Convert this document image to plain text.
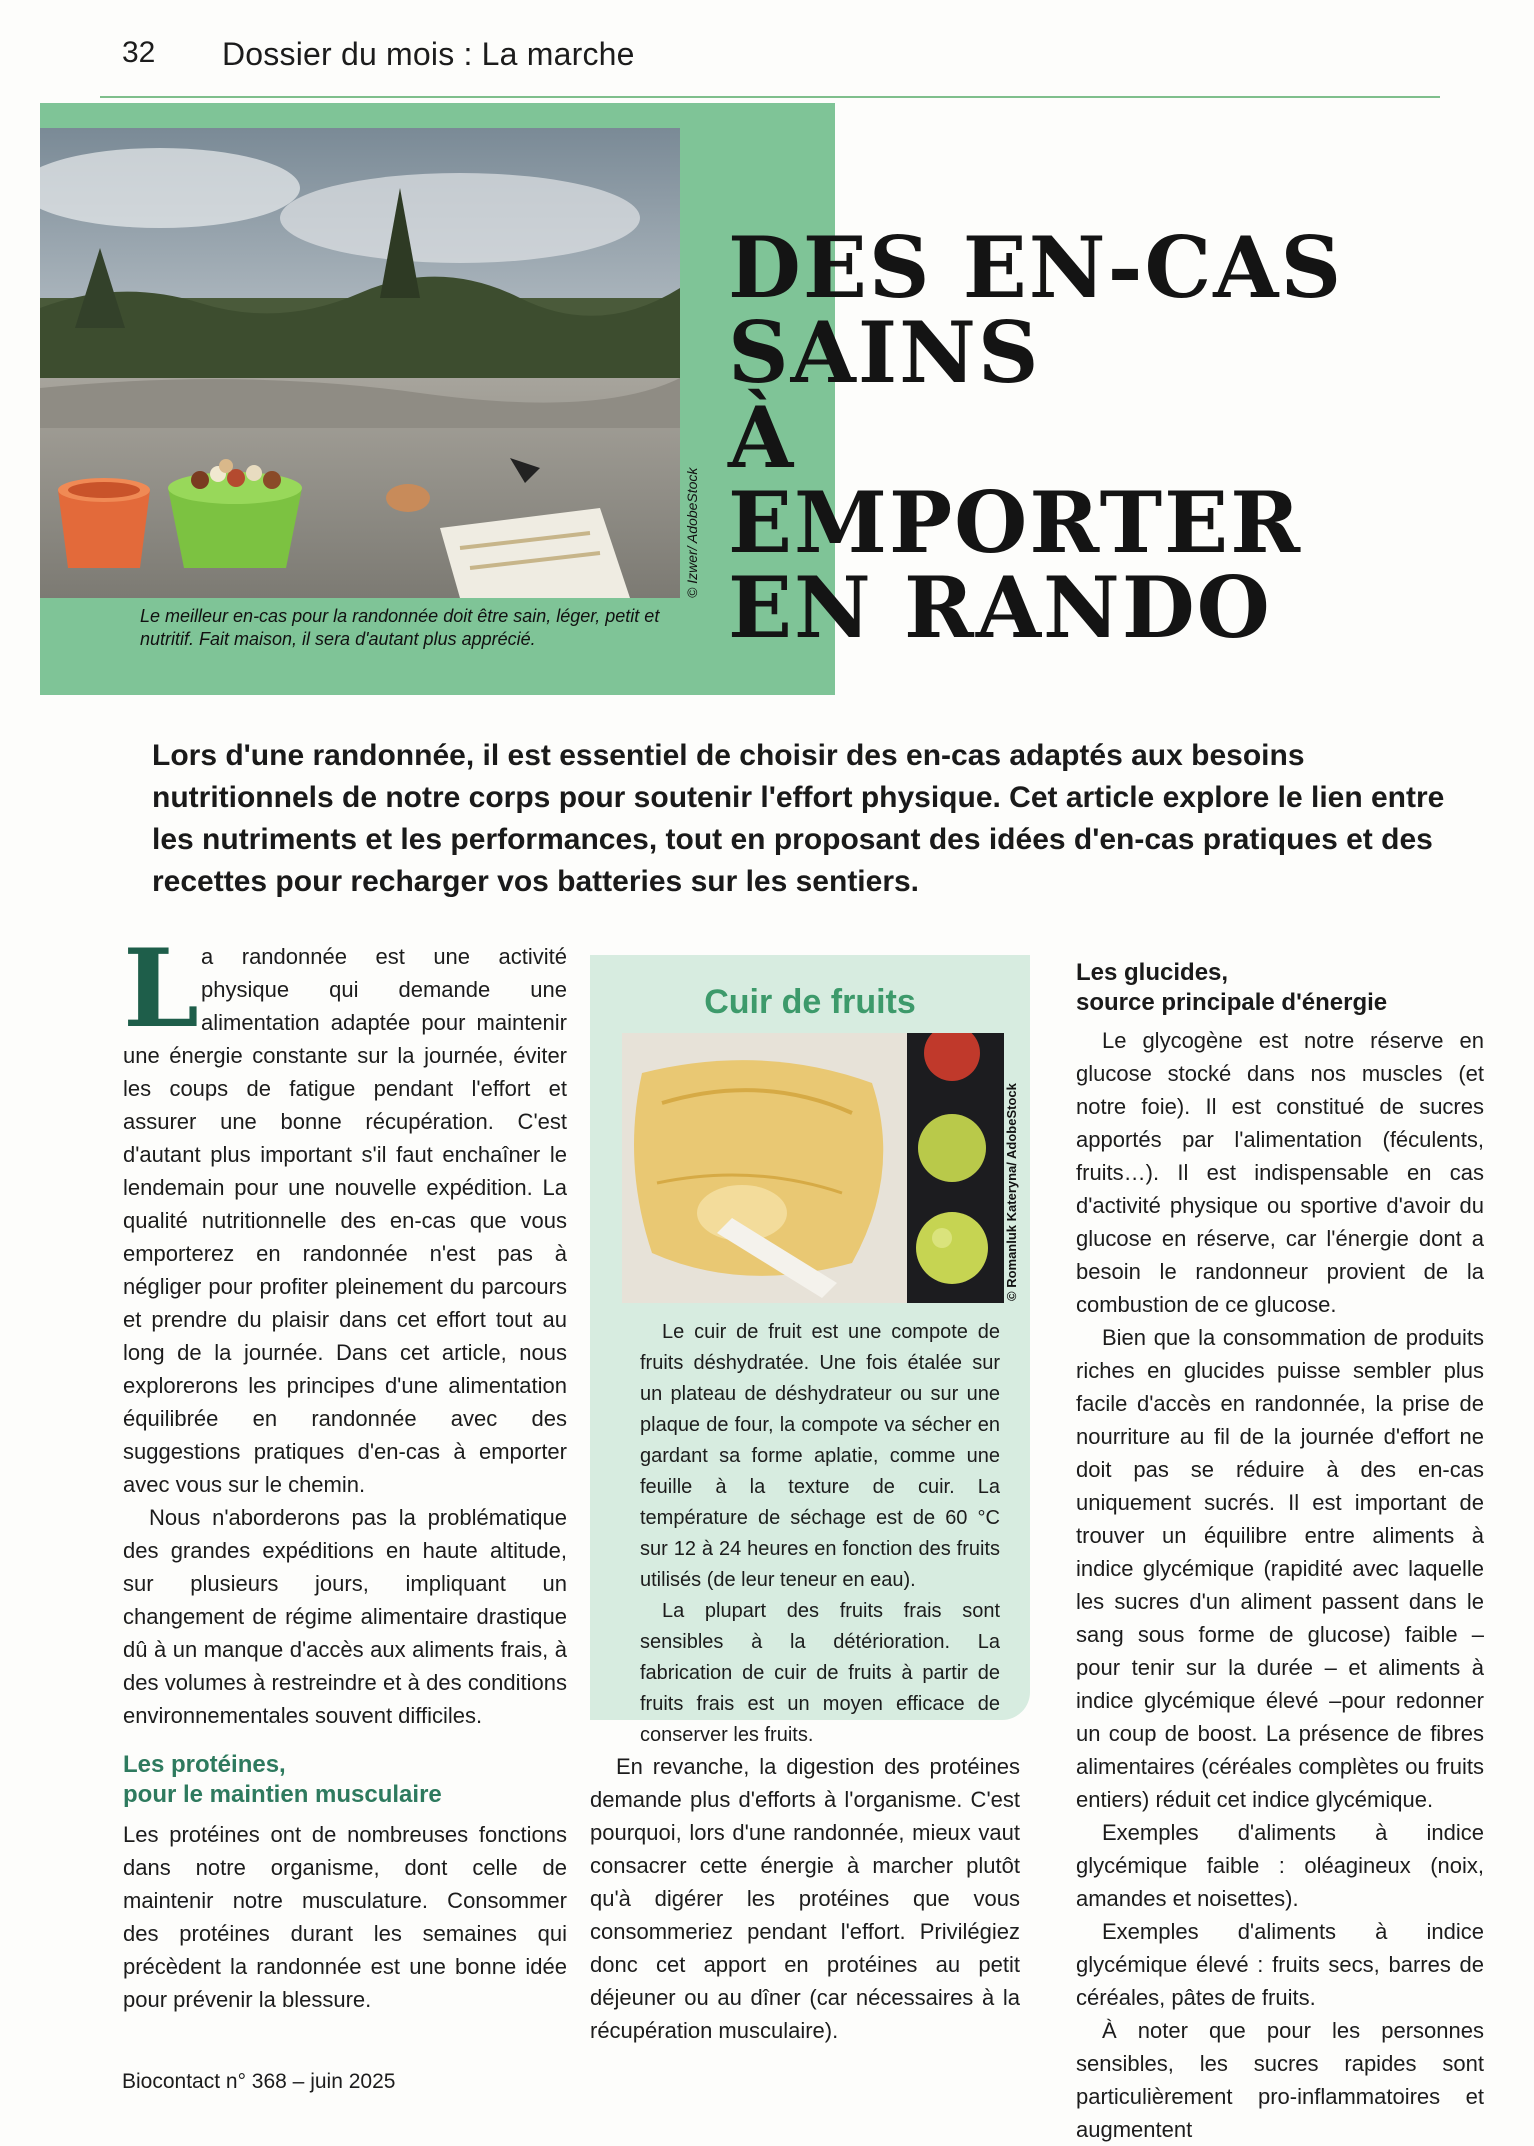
32 Dossier du mois : La marche
© Izwer/ AdobeStock
Le meilleur en-cas pour la randonnée doit être sain, léger, petit et nutritif. Fait maison, il sera d'autant plus apprécié.
DES EN-CAS
SAINS
À EMPORTER
EN RANDO
Lors d'une randonnée, il est essentiel de choisir des en-cas adaptés aux besoins nutritionnels de notre corps pour soutenir l'effort physique. Cet article explore le lien entre les nutriments et les performances, tout en proposant des idées d'en-cas pratiques et des recettes pour recharger vos batteries sur les sentiers.

La randonnée est une activité physique qui demande une alimentation adaptée pour maintenir une énergie constante sur la journée, éviter les coups de fatigue pendant l'effort et assurer une bonne récupération. C'est d'autant plus important s'il faut enchaîner le lendemain pour une nouvelle expédition. La qualité nutritionnelle des en-cas que vous emporterez en randonnée n'est pas à négliger pour profiter pleinement du parcours et prendre du plaisir dans cet effort tout au long de la journée. Dans cet article, nous explorerons les principes d'une alimentation équilibrée en randonnée avec des suggestions pratiques d'en-cas à emporter avec vous sur le chemin.

Nous n'aborderons pas la problématique des grandes expéditions en haute altitude, sur plusieurs jours, impliquant un changement de régime alimentaire drastique dû à un manque d'accès aux aliments frais, à des volumes à restreindre et à des conditions environnementales souvent difficiles.

Les protéines,
pour le maintien musculaire

Les protéines ont de nombreuses fonctions dans notre organisme, dont celle de maintenir notre musculature. Consommer des protéines durant les semaines qui précèdent la randonnée est une bonne idée pour prévenir la blessure.

Cuir de fruits
© Romanluk Kateryna/ AdobeStock

Le cuir de fruit est une compote de fruits déshydratée. Une fois étalée sur un plateau de déshydrateur ou sur une plaque de four, la compote va sécher en gardant sa forme aplatie, comme une feuille à la texture de cuir. La température de séchage est de 60 °C sur 12 à 24 heures en fonction des fruits utilisés (de leur teneur en eau).

La plupart des fruits frais sont sensibles à la détérioration. La fabrication de cuir de fruits à partir de fruits frais est un moyen efficace de conserver les fruits.

En revanche, la digestion des protéines demande plus d'efforts à l'organisme. C'est pourquoi, lors d'une randonnée, mieux vaut consacrer cette énergie à marcher plutôt qu'à digérer les protéines que vous consommeriez pendant l'effort. Privilégiez donc cet apport en protéines au petit déjeuner ou au dîner (car nécessaires à la récupération musculaire).

Les glucides,
source principale d'énergie

Le glycogène est notre réserve en glucose stocké dans nos muscles (et notre foie). Il est constitué de sucres apportés par l'alimentation (féculents, fruits…). Il est indispensable en cas d'activité physique ou sportive d'avoir du glucose en réserve, car l'énergie dont a besoin le randonneur provient de la combustion de ce glucose.

Bien que la consommation de produits riches en glucides puisse sembler plus facile d'accès en randonnée, la prise de nourriture au fil de la journée d'effort ne doit pas se réduire à des en-cas uniquement sucrés. Il est important de trouver un équilibre entre aliments à indice glycémique (rapidité avec laquelle les sucres d'un aliment passent dans le sang sous forme de glucose) faible – pour tenir sur la durée – et aliments à indice glycémique élevé –pour redonner un coup de boost. La présence de fibres alimentaires (céréales complètes ou fruits entiers) réduit cet indice glycémique.

Exemples d'aliments à indice glycémique faible : oléagineux (noix, amandes et noisettes).

Exemples d'aliments à indice glycémique élevé : fruits secs, barres de céréales, pâtes de fruits.

À noter que pour les personnes sensibles, les sucres rapides sont particulièrement pro-inflammatoires et augmentent

Biocontact n° 368 – juin 2025
